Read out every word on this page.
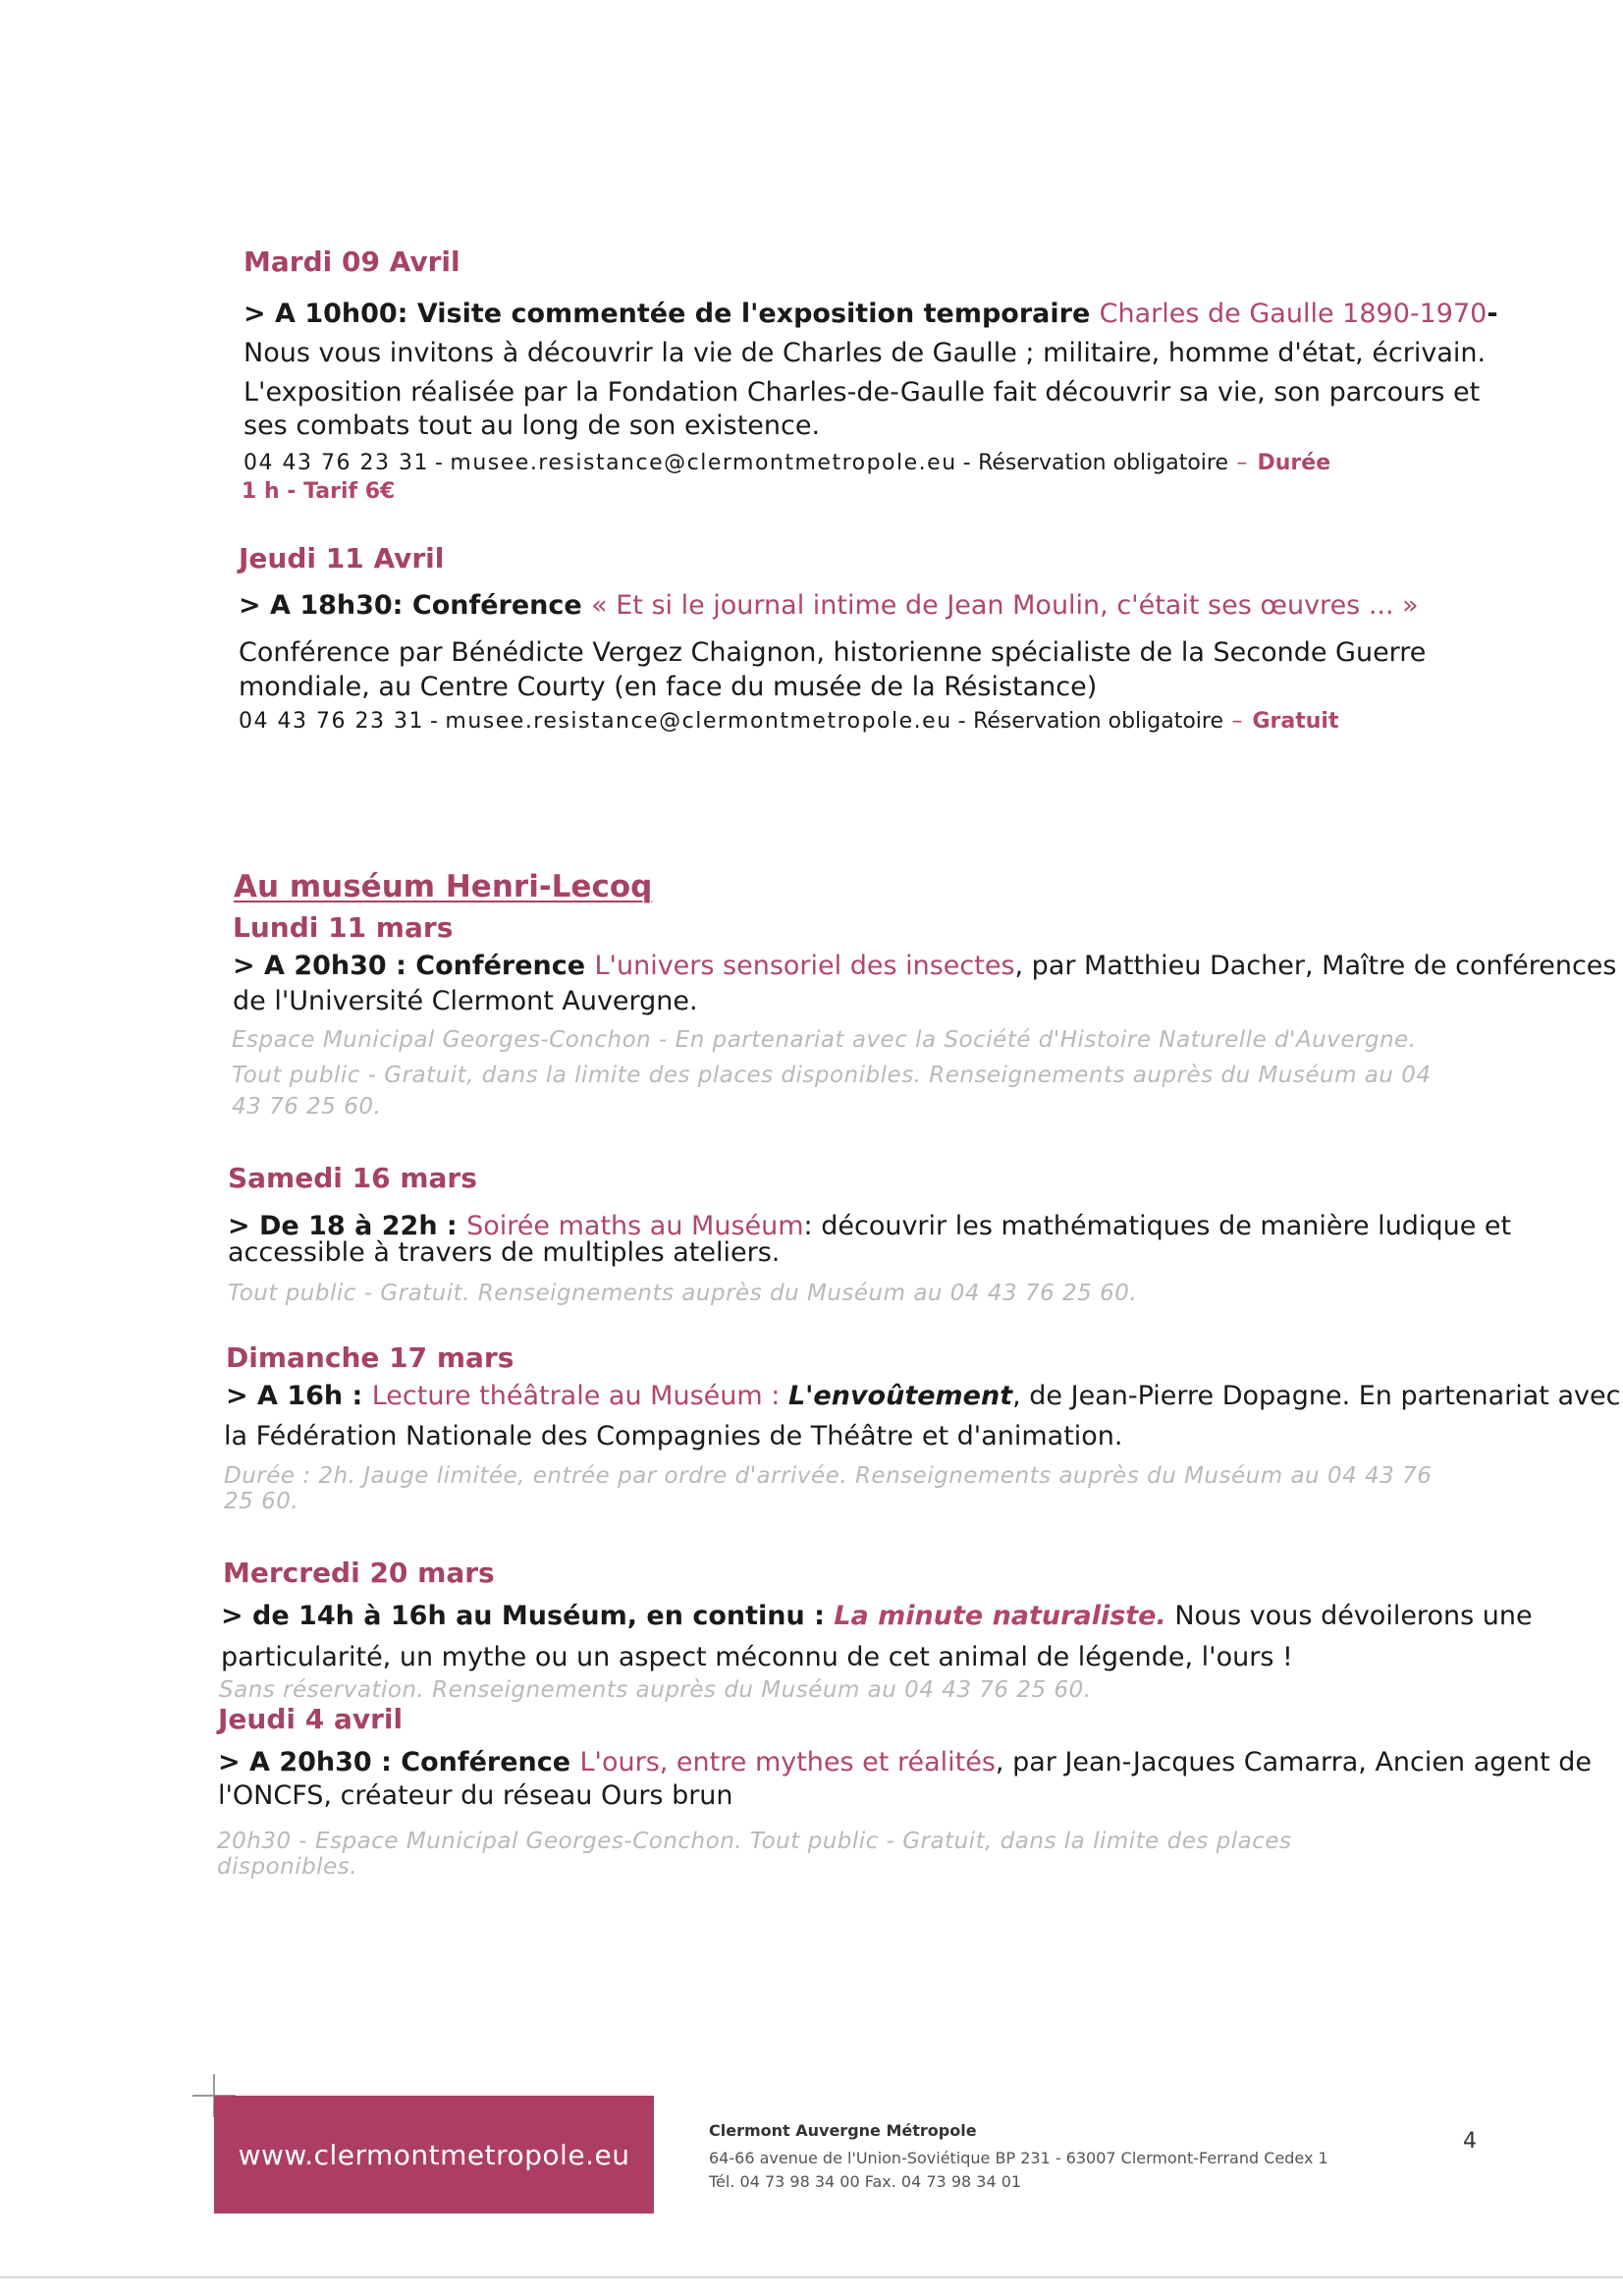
Mardi 09 Avril
> A 10h00: Visite commentée de l'exposition temporaire Charles de Gaulle 1890-1970-
Nous vous invitons à découvrir la vie de Charles de Gaulle ; militaire, homme d'état, écrivain.
L'exposition réalisée par la Fondation Charles-de-Gaulle fait découvrir sa vie, son parcours et
ses combats tout au long de son existence.
04 43 76 23 31 - musee.resistance@clermontmetropole.eu - Réservation obligatoire – Durée
1 h - Tarif 6€
Jeudi 11 Avril
> A 18h30: Conférence « Et si le journal intime de Jean Moulin, c'était ses œuvres ... »
Conférence par Bénédicte Vergez Chaignon, historienne spécialiste de la Seconde Guerre
mondiale, au Centre Courty (en face du musée de la Résistance)
04 43 76 23 31 - musee.resistance@clermontmetropole.eu - Réservation obligatoire – Gratuit
Au muséum Henri-Lecoq
Lundi 11 mars
> A 20h30 : Conférence L'univers sensoriel des insectes, par Matthieu Dacher, Maître de conférences
de l'Université Clermont Auvergne.
Espace Municipal Georges-Conchon - En partenariat avec la Société d'Histoire Naturelle d'Auvergne.
Tout public - Gratuit, dans la limite des places disponibles. Renseignements auprès du Muséum au 04
43 76 25 60.
Samedi 16 mars
> De 18 à 22h : Soirée maths au Muséum: découvrir les mathématiques de manière ludique et
accessible à travers de multiples ateliers.
Tout public - Gratuit. Renseignements auprès du Muséum au 04 43 76 25 60.
Dimanche 17 mars
> A 16h : Lecture théâtrale au Muséum : L'envoûtement, de Jean-Pierre Dopagne. En partenariat avec
la Fédération Nationale des Compagnies de Théâtre et d'animation.
Durée : 2h. Jauge limitée, entrée par ordre d'arrivée. Renseignements auprès du Muséum au 04 43 76
25 60.
Mercredi 20 mars
> de 14h à 16h au Muséum, en continu : La minute naturaliste. Nous vous dévoilerons une
particularité, un mythe ou un aspect méconnu de cet animal de légende, l'ours !
Sans réservation. Renseignements auprès du Muséum au 04 43 76 25 60.
Jeudi 4 avril
> A 20h30 : Conférence L'ours, entre mythes et réalités, par Jean-Jacques Camarra, Ancien agent de
l'ONCFS, créateur du réseau Ours brun
20h30 - Espace Municipal Georges-Conchon. Tout public - Gratuit, dans la limite des places
disponibles.
www.clermontmetropole.eu
Clermont Auvergne Métropole
64-66 avenue de l'Union-Soviétique BP 231 - 63007 Clermont-Ferrand Cedex 1
Tél. 04 73 98 34 00 Fax. 04 73 98 34 01
4
